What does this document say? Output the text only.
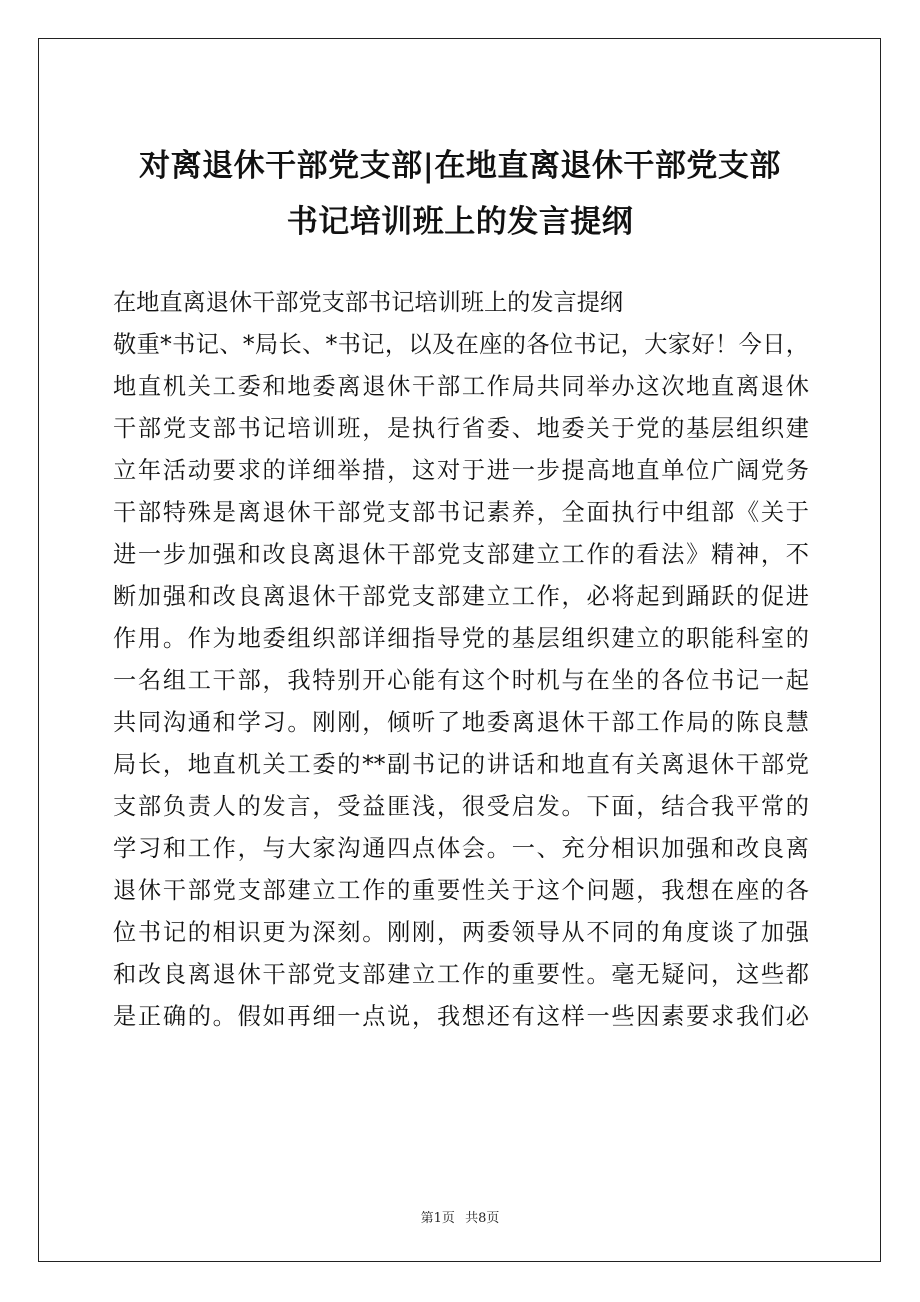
对离退休干部党支部|在地直离退休干部党支部
书记培训班上的发言提纲
在地直离退休干部党支部书记培训班上的发言提纲
敬重*书记、*局长、*书记，以及在座的各位书记，大家好！今日，
地直机关工委和地委离退休干部工作局共同举办这次地直离退休
干部党支部书记培训班，是执行省委、地委关于党的基层组织建
立年活动要求的详细举措，这对于进一步提高地直单位广阔党务
干部特殊是离退休干部党支部书记素养，全面执行中组部《关于
进一步加强和改良离退休干部党支部建立工作的看法》精神，不
断加强和改良离退休干部党支部建立工作，必将起到踊跃的促进
作用。作为地委组织部详细指导党的基层组织建立的职能科室的
一名组工干部，我特别开心能有这个时机与在坐的各位书记一起
共同沟通和学习。刚刚，倾听了地委离退休干部工作局的陈良慧
局长，地直机关工委的**副书记的讲话和地直有关离退休干部党
支部负责人的发言，受益匪浅，很受启发。下面，结合我平常的
学习和工作，与大家沟通四点体会。一、充分相识加强和改良离
退休干部党支部建立工作的重要性关于这个问题，我想在座的各
位书记的相识更为深刻。刚刚，两委领导从不同的角度谈了加强
和改良离退休干部党支部建立工作的重要性。毫无疑问，这些都
是正确的。假如再细一点说，我想还有这样一些因素要求我们必
第1页 共8页
